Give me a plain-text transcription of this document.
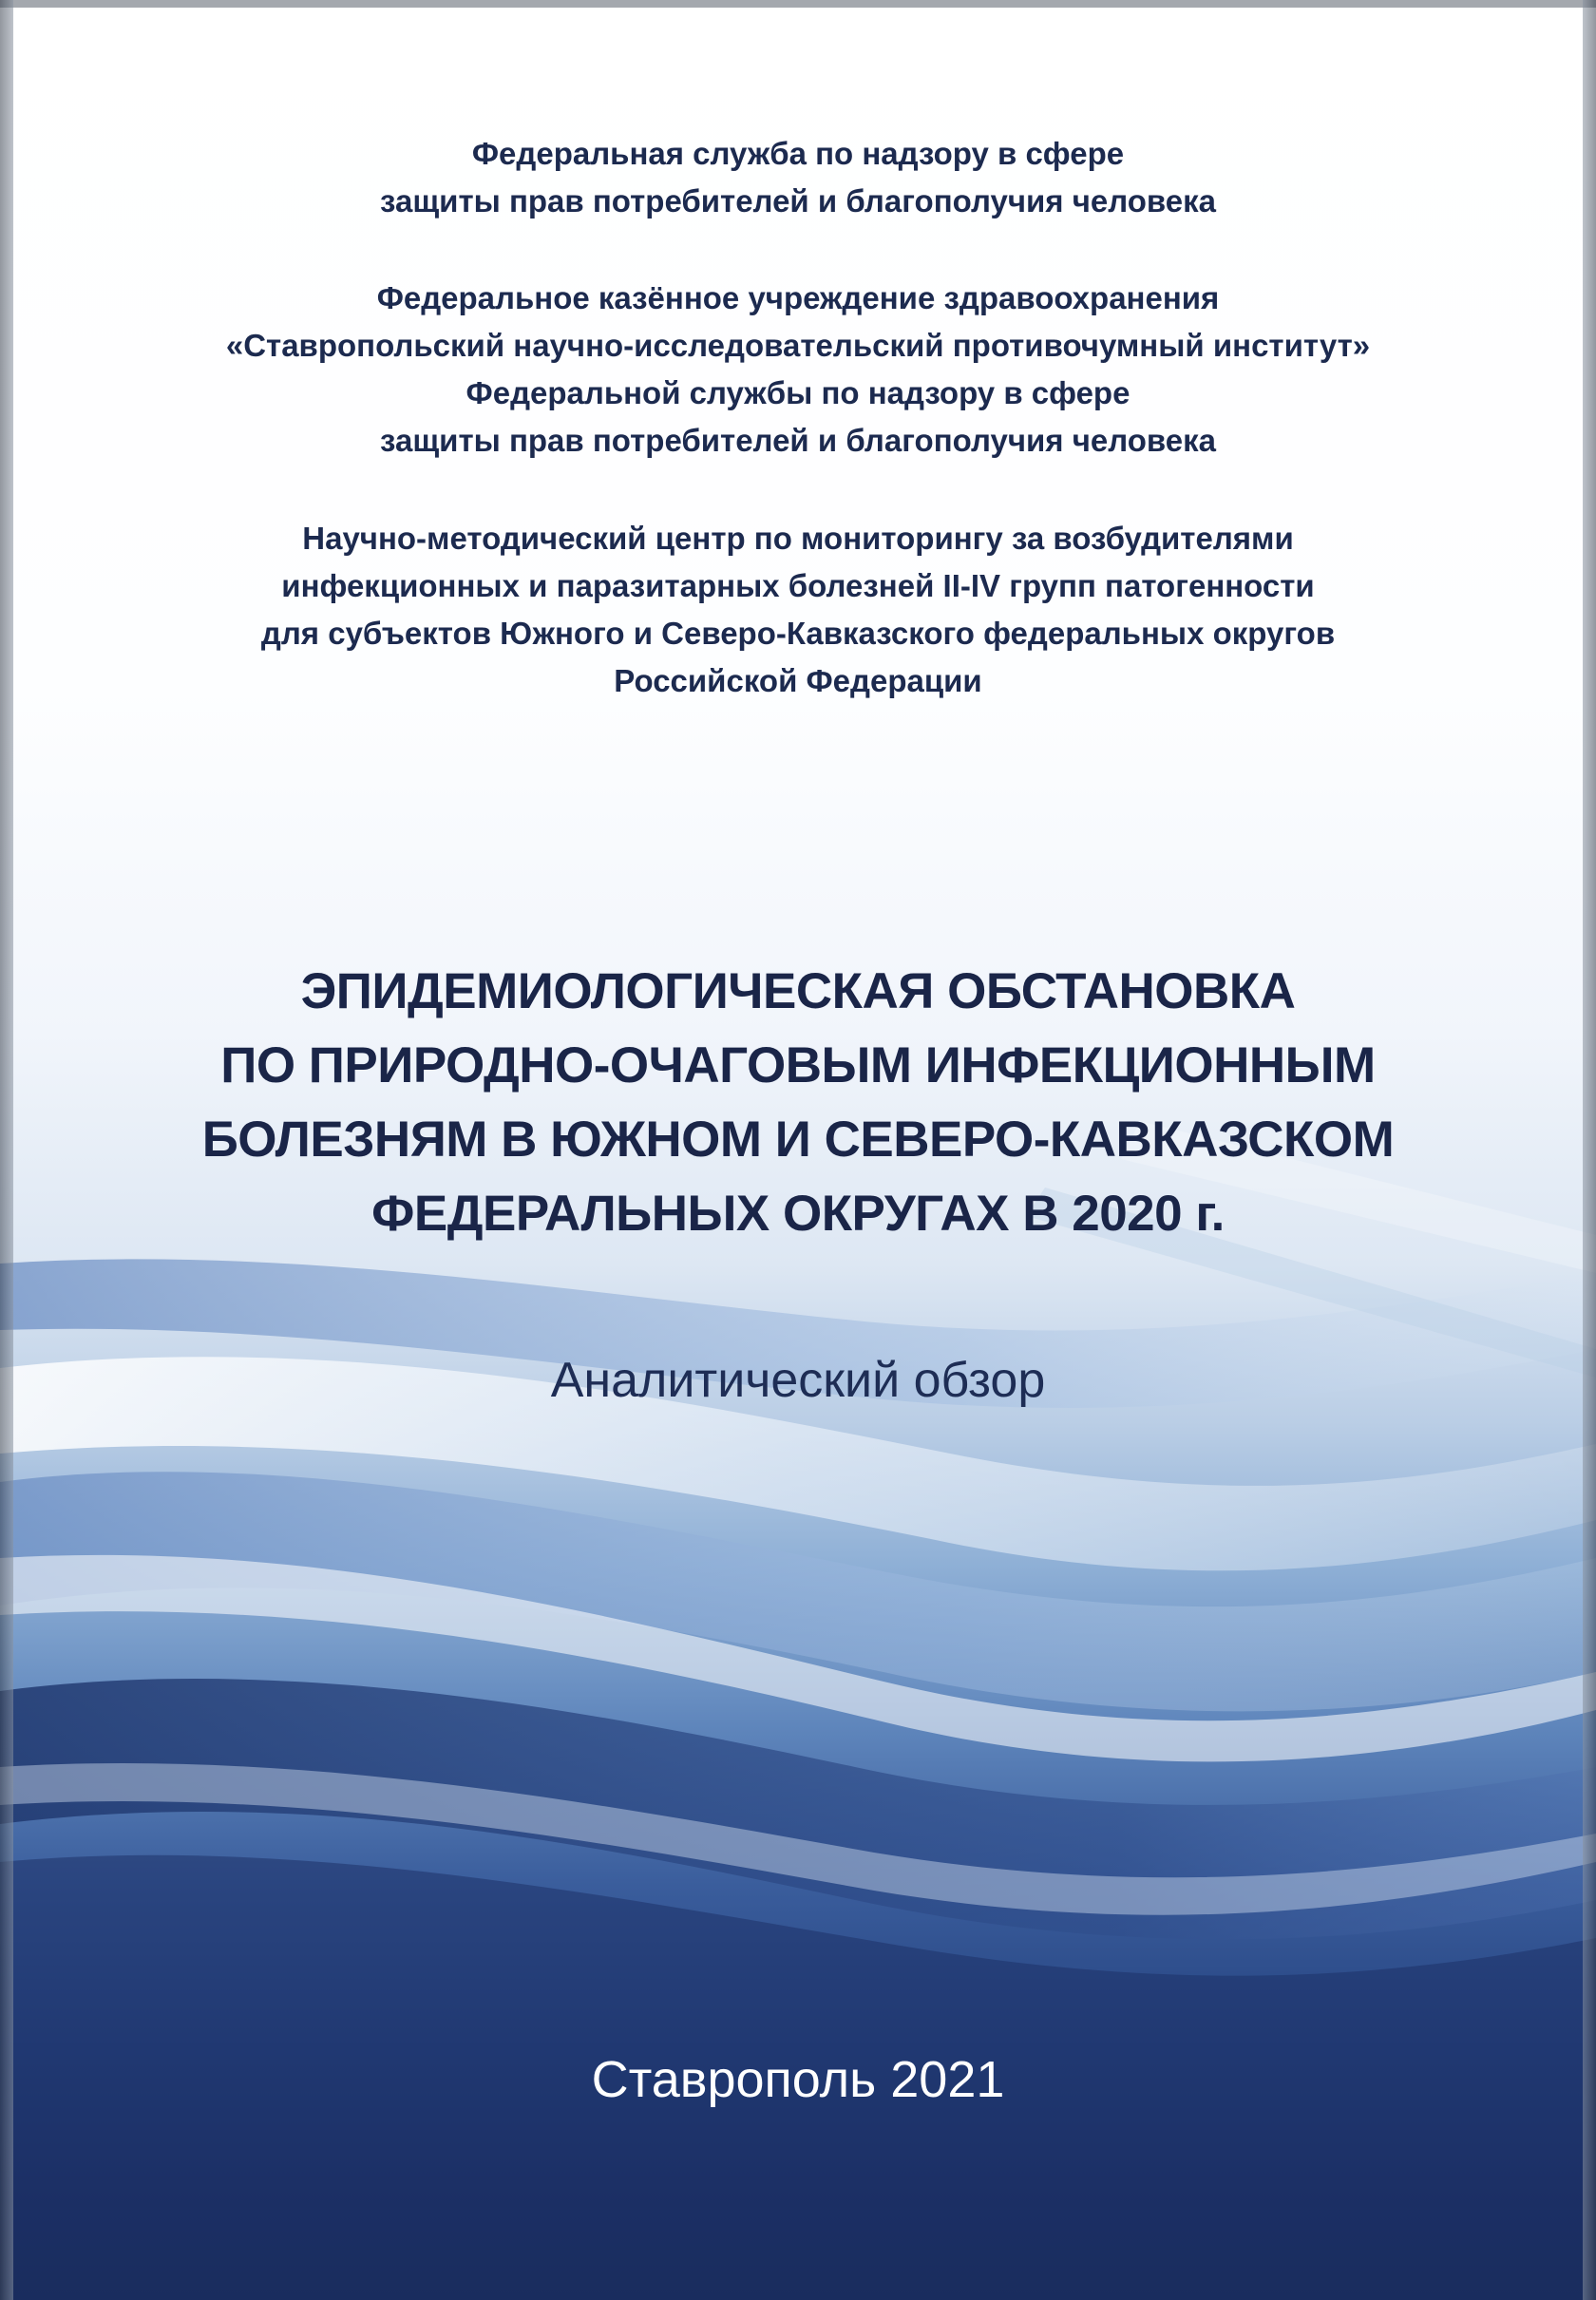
Федеральная служба по надзору в сфере
защиты прав потребителей и благополучия человека
Федеральное казённое учреждение здравоохранения
«Ставропольский научно-исследовательский противочумный институт»
Федеральной службы по надзору в сфере
защиты прав потребителей и благополучия человека
Научно-методический центр по мониторингу за возбудителями
инфекционных и паразитарных болезней II-IV групп патогенности
для субъектов Южного и Северо-Кавказского федеральных округов
Российской Федерации
ЭПИДЕМИОЛОГИЧЕСКАЯ ОБСТАНОВКА
ПО ПРИРОДНО-ОЧАГОВЫМ ИНФЕКЦИОННЫМ
БОЛЕЗНЯМ В ЮЖНОМ И СЕВЕРО-КАВКАЗСКОМ
ФЕДЕРАЛЬНЫХ ОКРУГАХ В 2020 г.
Аналитический обзор
Ставрополь 2021
